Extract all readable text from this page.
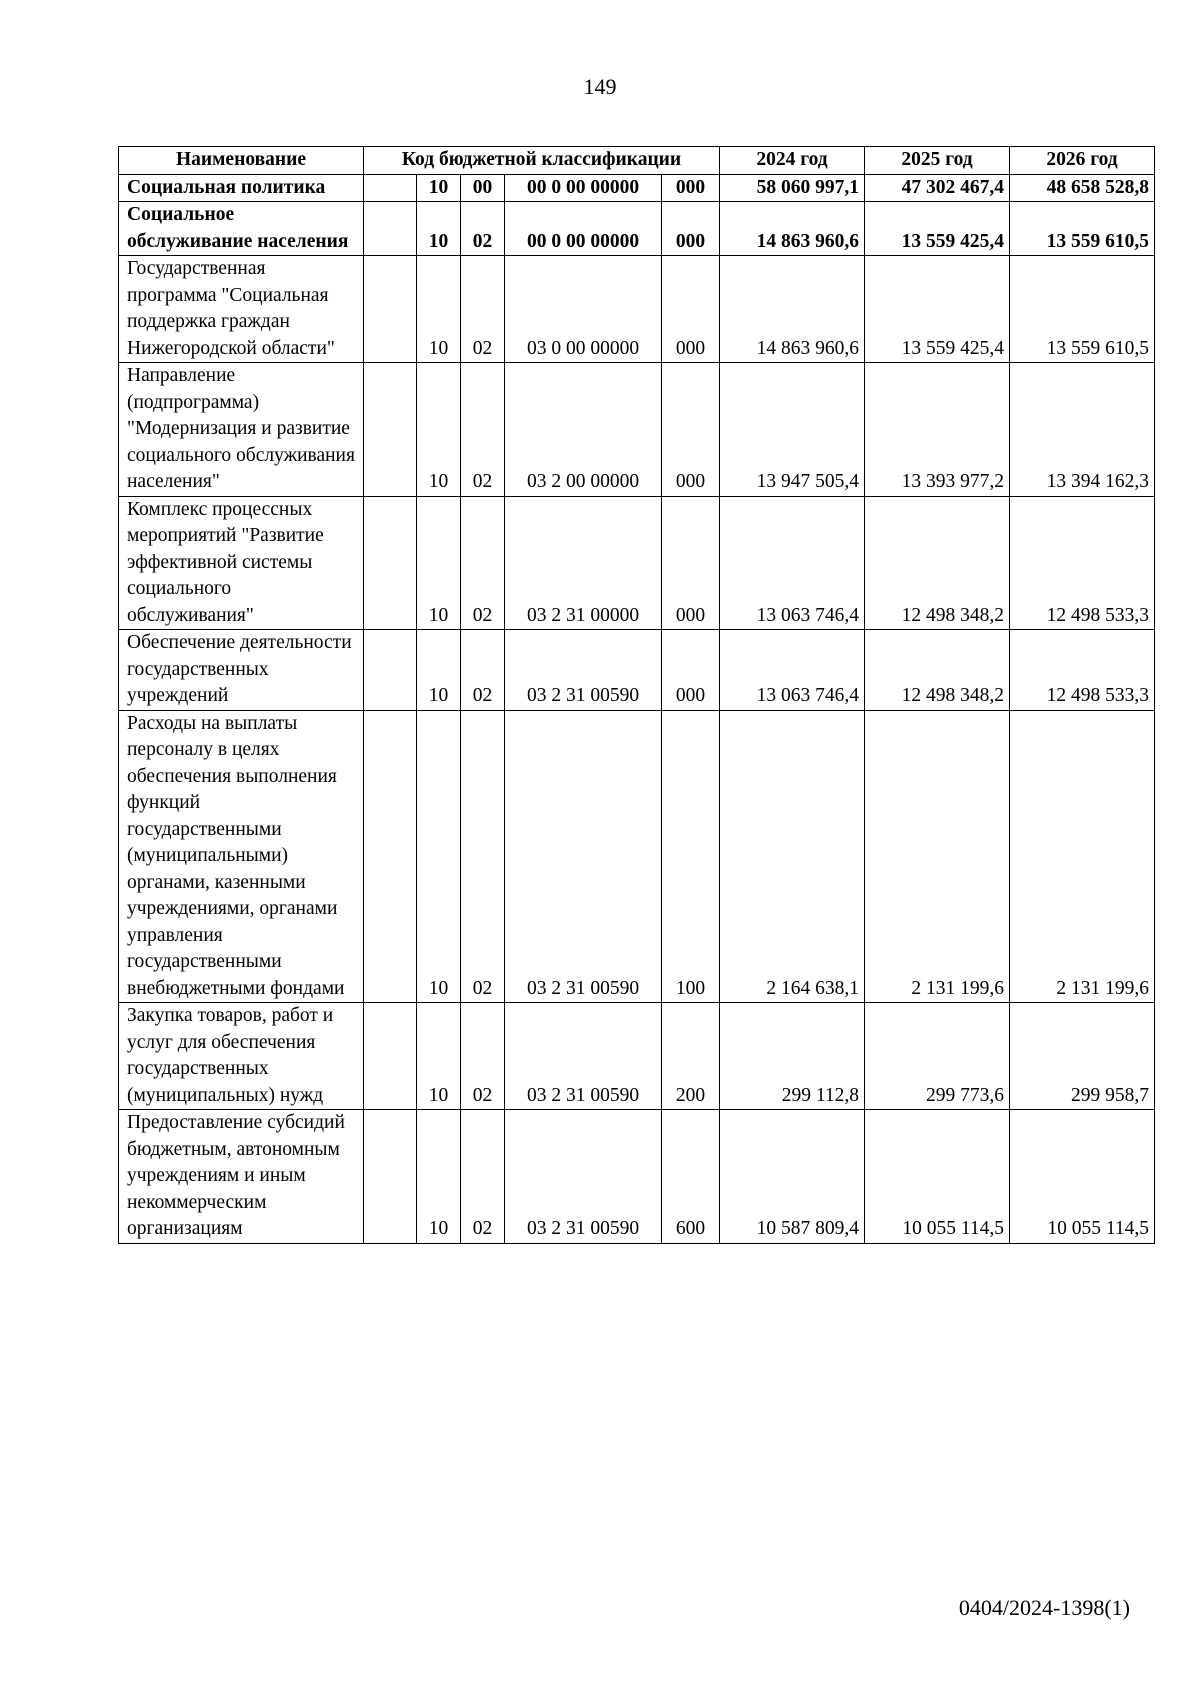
149
Наименование	Код бюджетной классификации					2024 год	2025 год	2026 год
Социальная политика		10	00	00 0 00 00000	000	58 060 997,1	47 302 467,4	48 658 528,8
Социальное обслуживание населения		10	02	00 0 00 00000	000	14 863 960,6	13 559 425,4	13 559 610,5
Государственная программа "Социальная поддержка граждан Нижегородской области"		10	02	03 0 00 00000	000	14 863 960,6	13 559 425,4	13 559 610,5
Направление (подпрограмма) "Модернизация и развитие социального обслуживания населения"		10	02	03 2 00 00000	000	13 947 505,4	13 393 977,2	13 394 162,3
Комплекс процессных мероприятий "Развитие эффективной системы социального обслуживания"		10	02	03 2 31 00000	000	13 063 746,4	12 498 348,2	12 498 533,3
Обеспечение деятельности государственных учреждений		10	02	03 2 31 00590	000	13 063 746,4	12 498 348,2	12 498 533,3
Расходы на выплаты персоналу в целях обеспечения выполнения функций государственными (муниципальными) органами, казенными учреждениями, органами управления государственными внебюджетными фондами		10	02	03 2 31 00590	100	2 164 638,1	2 131 199,6	2 131 199,6
Закупка товаров, работ и услуг для обеспечения государственных (муниципальных) нужд		10	02	03 2 31 00590	200	299 112,8	299 773,6	299 958,7
Предоставление субсидий бюджетным, автономным учреждениям и иным некоммерческим организациям		10	02	03 2 31 00590	600	10 587 809,4	10 055 114,5	10 055 114,5
0404/2024-1398(1)
